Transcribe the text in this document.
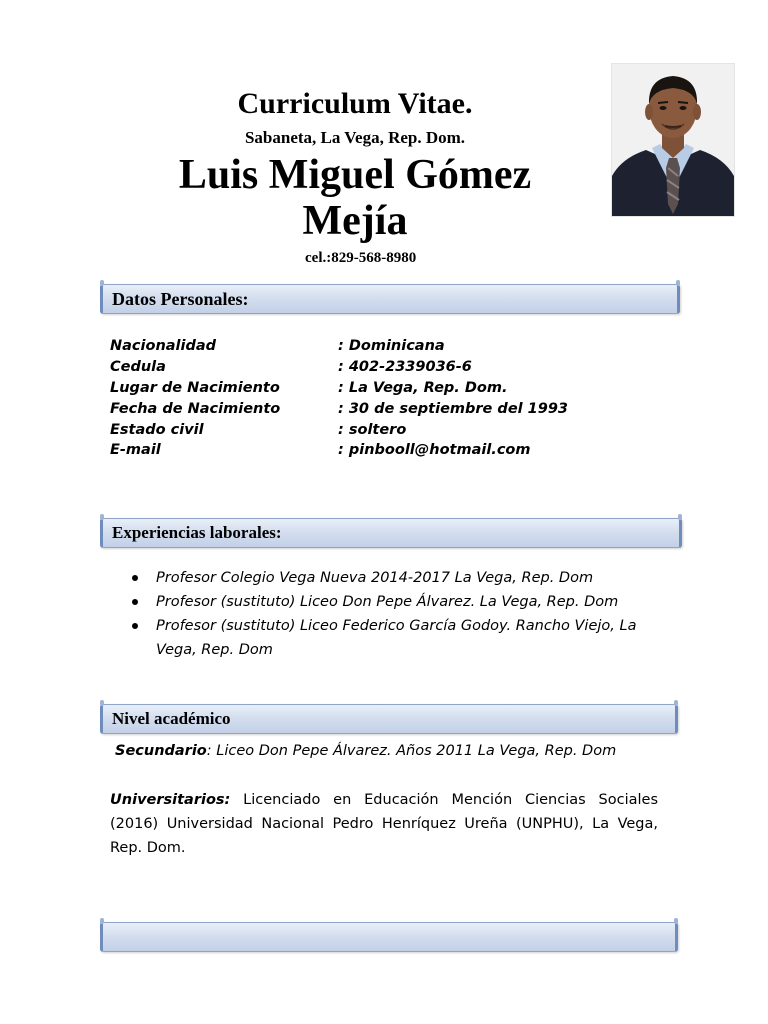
Curriculum Vitae.
Sabaneta, La Vega, Rep. Dom.
Luis Miguel Gómez Mejía
cel.:829-568-8980
Datos Personales:
Nacionalidad	: Dominicana
Cedula	: 402-2339036-6
Lugar de Nacimiento	: La Vega, Rep. Dom.
Fecha de Nacimiento	: 30 de septiembre del 1993
Estado civil	: soltero
E-mail	: pinbooll@hotmail.com
Experiencias laborales:
Profesor Colegio Vega Nueva 2014-2017 La Vega, Rep. Dom
Profesor (sustituto) Liceo Don Pepe Álvarez. La Vega, Rep. Dom
Profesor (sustituto) Liceo Federico García Godoy. Rancho Viejo, La Vega, Rep. Dom
Nivel académico
Secundario: Liceo Don Pepe Álvarez. Años 2011 La Vega, Rep. Dom
Universitarios: Licenciado en Educación Mención Ciencias Sociales (2016) Universidad Nacional Pedro Henríquez Ureña (UNPHU), La Vega, Rep. Dom.
